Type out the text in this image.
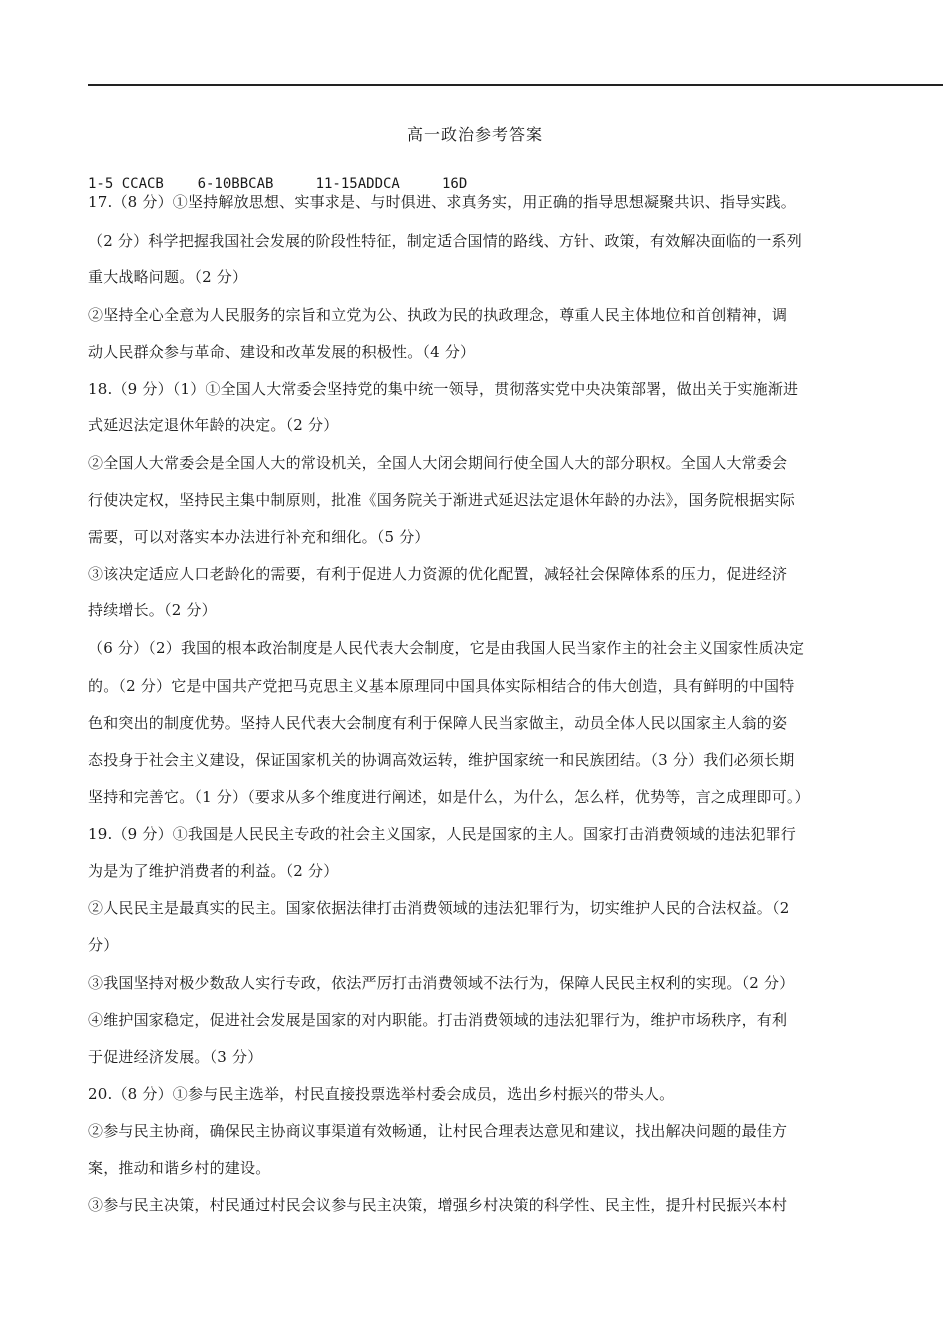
高一政治参考答案
1-5 CCACB    6-10BBCAB     11-15ADDCA     16D
17.（8 分）①坚持解放思想、实事求是、与时俱进、求真务实，用正确的指导思想凝聚共识、指导实践。
（2 分）科学把握我国社会发展的阶段性特征，制定适合国情的路线、方针、政策，有效解决面临的一系列
重大战略问题。（2 分）
②坚持全心全意为人民服务的宗旨和立党为公、执政为民的执政理念，尊重人民主体地位和首创精神，调
动人民群众参与革命、建设和改革发展的积极性。（4 分）
18.（9 分）（1）①全国人大常委会坚持党的集中统一领导，贯彻落实党中央决策部署，做出关于实施渐进
式延迟法定退休年龄的决定。（2 分）
②全国人大常委会是全国人大的常设机关，全国人大闭会期间行使全国人大的部分职权。全国人大常委会
行使决定权，坚持民主集中制原则，批准《国务院关于渐进式延迟法定退休年龄的办法》，国务院根据实际
需要，可以对落实本办法进行补充和细化。（5 分）
③该决定适应人口老龄化的需要，有利于促进人力资源的优化配置，减轻社会保障体系的压力，促进经济
持续增长。（2 分）
（6 分）（2）我国的根本政治制度是人民代表大会制度，它是由我国人民当家作主的社会主义国家性质决定
的。（2 分）它是中国共产党把马克思主义基本原理同中国具体实际相结合的伟大创造，具有鲜明的中国特
色和突出的制度优势。坚持人民代表大会制度有利于保障人民当家做主，动员全体人民以国家主人翁的姿
态投身于社会主义建设，保证国家机关的协调高效运转，维护国家统一和民族团结。（3 分）我们必须长期
坚持和完善它。（1 分）（要求从多个维度进行阐述，如是什么，为什么，怎么样，优势等，言之成理即可。）
19.（9 分）①我国是人民民主专政的社会主义国家，人民是国家的主人。国家打击消费领域的违法犯罪行
为是为了维护消费者的利益。（2 分）
②人民民主是最真实的民主。国家依据法律打击消费领域的违法犯罪行为，切实维护人民的合法权益。（2
分）
③我国坚持对极少数敌人实行专政，依法严厉打击消费领域不法行为，保障人民民主权利的实现。（2 分）
④维护国家稳定，促进社会发展是国家的对内职能。打击消费领域的违法犯罪行为，维护市场秩序，有利
于促进经济发展。（3 分）
20.（8 分）①参与民主选举，村民直接投票选举村委会成员，选出乡村振兴的带头人。
②参与民主协商，确保民主协商议事渠道有效畅通，让村民合理表达意见和建议，找出解决问题的最佳方
案，推动和谐乡村的建设。
③参与民主决策，村民通过村民会议参与民主决策，增强乡村决策的科学性、民主性，提升村民振兴本村
